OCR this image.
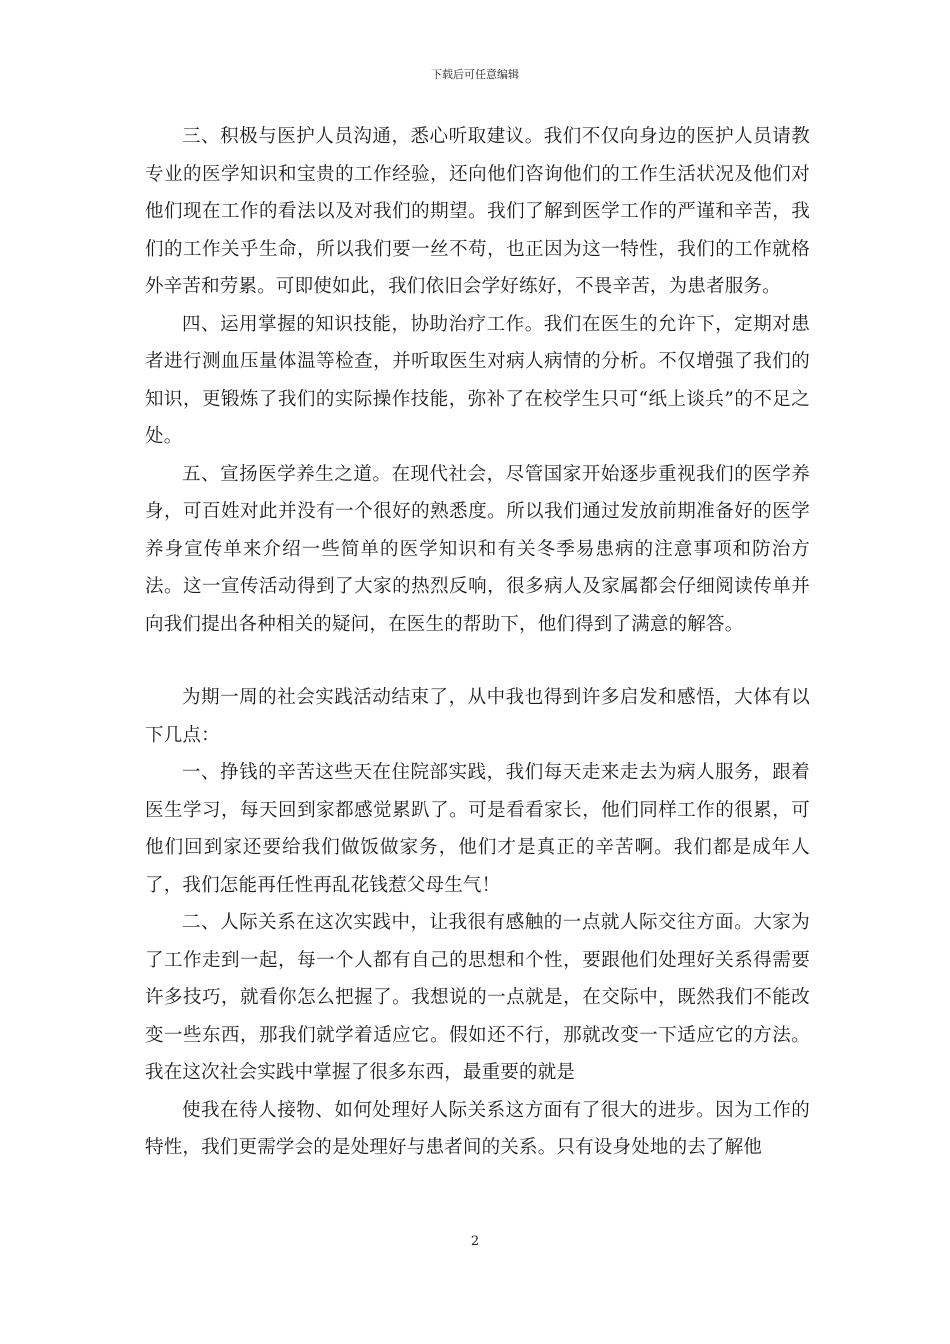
下载后可任意编辑

三、积极与医护人员沟通，悉心听取建议。我们不仅向身边的医护人员请教专业的医学知识和宝贵的工作经验，还向他们咨询他们的工作生活状况及他们对他们现在工作的看法以及对我们的期望。我们了解到医学工作的严谨和辛苦，我们的工作关乎生命，所以我们要一丝不苟，也正因为这一特性，我们的工作就格外辛苦和劳累。可即使如此，我们依旧会学好练好，不畏辛苦，为患者服务。

四、运用掌握的知识技能，协助治疗工作。我们在医生的允许下，定期对患者进行测血压量体温等检查，并听取医生对病人病情的分析。不仅增强了我们的知识，更锻炼了我们的实际操作技能，弥补了在校学生只可“纸上谈兵”的不足之处。

五、宣扬医学养生之道。在现代社会，尽管国家开始逐步重视我们的医学养身，可百姓对此并没有一个很好的熟悉度。所以我们通过发放前期准备好的医学养身宣传单来介绍一些简单的医学知识和有关冬季易患病的注意事项和防治方法。这一宣传活动得到了大家的热烈反响，很多病人及家属都会仔细阅读传单并向我们提出各种相关的疑问，在医生的帮助下，他们得到了满意的解答。

为期一周的社会实践活动结束了，从中我也得到许多启发和感悟，大体有以下几点：

一、挣钱的辛苦这些天在住院部实践，我们每天走来走去为病人服务，跟着医生学习，每天回到家都感觉累趴了。可是看看家长，他们同样工作的很累，可他们回到家还要给我们做饭做家务，他们才是真正的辛苦啊。我们都是成年人了，我们怎能再任性再乱花钱惹父母生气！

二、人际关系在这次实践中，让我很有感触的一点就人际交往方面。大家为了工作走到一起，每一个人都有自己的思想和个性，要跟他们处理好关系得需要许多技巧，就看你怎么把握了。我想说的一点就是，在交际中，既然我们不能改变一些东西，那我们就学着适应它。假如还不行，那就改变一下适应它的方法。我在这次社会实践中掌握了很多东西，最重要的就是

使我在待人接物、如何处理好人际关系这方面有了很大的进步。因为工作的特性，我们更需学会的是处理好与患者间的关系。只有设身处地的去了解他

2
